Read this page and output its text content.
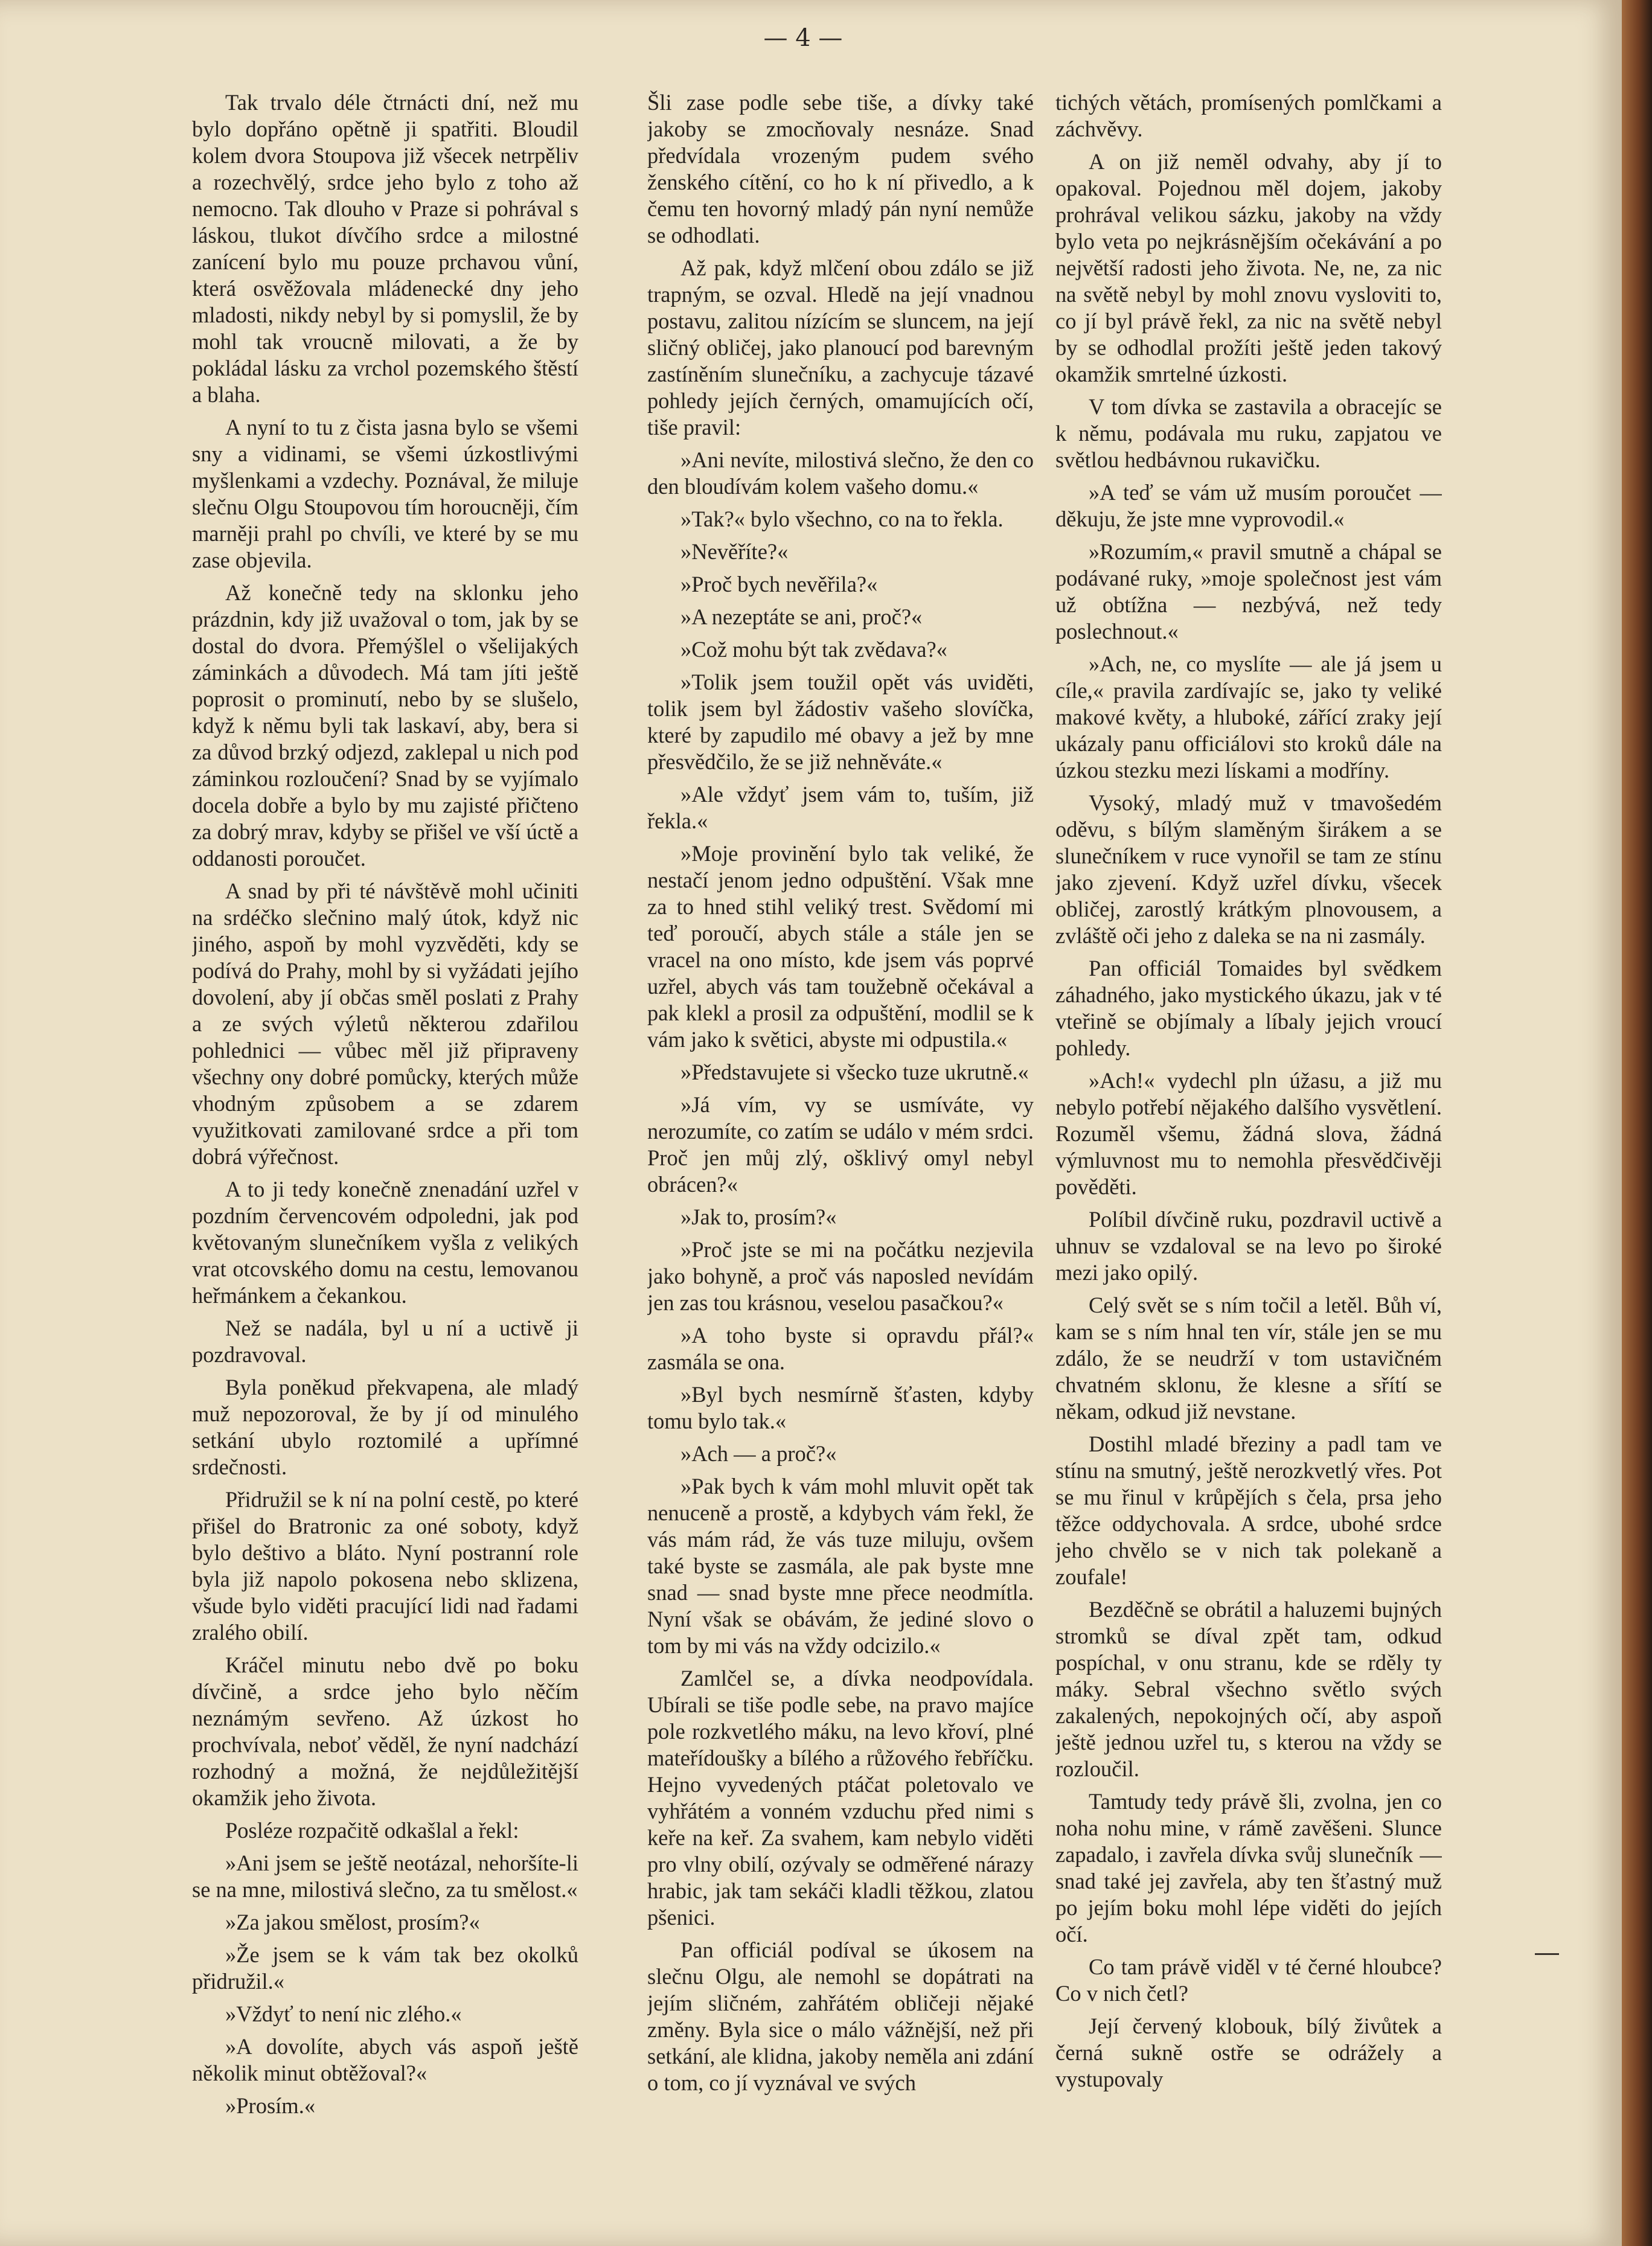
— 4 —

Tak trvalo déle čtrnácti dní, než mu bylo dopřáno opětně ji spatřiti. Bloudil kolem dvora Stoupova již všecek netrpěliv a rozechvělý, srdce jeho bylo z toho až nemocno. Tak dlouho v Praze si pohrával s láskou, tlukot dívčího srdce a milostné zanícení bylo mu pouze prchavou vůní, která osvěžovala mládenecké dny jeho mladosti, nikdy nebyl by si pomyslil, že by mohl tak vroucně milovati, a že by pokládal lásku za vrchol pozemského štěstí a blaha.

A nyní to tu z čista jasna bylo se všemi sny a vidinami, se všemi úzkostlivými myšlenkami a vzdechy. Poznával, že miluje slečnu Olgu Stoupovou tím horoucněji, čím marněji prahl po chvíli, ve které by se mu zase objevila.

Až konečně tedy na sklonku jeho prázdnin, kdy již uvažoval o tom, jak by se dostal do dvora. Přemýšlel o všelijakých záminkách a důvodech. Má tam jíti ještě poprosit o prominutí, nebo by se slušelo, když k němu byli tak laskaví, aby, bera si za důvod brzký odjezd, zaklepal u nich pod záminkou rozloučení? Snad by se vyjímalo docela dobře a bylo by mu zajisté přičteno za dobrý mrav, kdyby se přišel ve vší úctě a oddanosti poroučet.

A snad by při té návštěvě mohl učiniti na srdéčko slečnino malý útok, když nic jiného, aspoň by mohl vyzvěděti, kdy se podívá do Prahy, mohl by si vyžádati jejího dovolení, aby jí občas směl poslati z Prahy a ze svých výletů některou zdařilou pohlednici — vůbec měl již připraveny všechny ony dobré pomůcky, kterých může vhodným způsobem a se zdarem využitkovati zamilované srdce a při tom dobrá výřečnost.

A to ji tedy konečně znenadání uzřel v pozdním červencovém odpoledni, jak pod květovaným slunečníkem vyšla z velikých vrat otcovského domu na cestu, lemovanou heřmánkem a čekankou.

Než se nadála, byl u ní a uctivě ji pozdravoval.

Byla poněkud překvapena, ale mladý muž nepozoroval, že by jí od minulého setkání ubylo roztomilé a upřímné srdečnosti.

Přidružil se k ní na polní cestě, po které přišel do Bratronic za oné soboty, když bylo deštivo a bláto. Nyní postranní role byla již napolo pokosena nebo sklizena, všude bylo viděti pracující lidi nad řadami zralého obilí.

Kráčel minutu nebo dvě po boku dívčině, a srdce jeho bylo něčím neznámým sevřeno. Až úzkost ho prochvívala, neboť věděl, že nyní nadchází rozhodný a možná, že nejdůležitější okamžik jeho života.

Posléze rozpačitě odkašlal a řekl:

»Ani jsem se ještě neotázal, nehoršíte-li se na mne, milostivá slečno, za tu smělost.«

»Za jakou smělost, prosím?«

»Že jsem se k vám tak bez okolků přidružil.«

»Vždyť to není nic zlého.«

»A dovolíte, abych vás aspoň ještě několik minut obtěžoval?«

»Prosím.«

Šli zase podle sebe tiše, a dívky také jakoby se zmocňovaly nesnáze. Snad předvídala vrozeným pudem svého ženského cítění, co ho k ní přivedlo, a k čemu ten hovorný mladý pán nyní nemůže se odhodlati.

Až pak, když mlčení obou zdálo se již trapným, se ozval. Hledě na její vnadnou postavu, zalitou nízícím se sluncem, na její sličný obličej, jako planoucí pod barevným zastíněním slunečníku, a zachycuje tázavé pohledy jejích černých, omamujících očí, tiše pravil:

»Ani nevíte, milostivá slečno, že den co den bloudívám kolem vašeho domu.«

»Tak?« bylo všechno, co na to řekla.

»Nevěříte?«

»Proč bych nevěřila?«

»A nezeptáte se ani, proč?«

»Což mohu být tak zvědava?«

»Tolik jsem toužil opět vás uviděti, tolik jsem byl žádostiv vašeho slovíčka, které by zapudilo mé obavy a jež by mne přesvědčilo, že se již nehněváte.«

»Ale vždyť jsem vám to, tuším, již řekla.«

»Moje provinění bylo tak veliké, že nestačí jenom jedno odpuštění. Však mne za to hned stihl veliký trest. Svědomí mi teď poroučí, abych stále a stále jen se vracel na ono místo, kde jsem vás poprvé uzřel, abych vás tam toužebně očekával a pak klekl a prosil za odpuštění, modlil se k vám jako k světici, abyste mi odpustila.«

»Představujete si všecko tuze ukrutně.«

»Já vím, vy se usmíváte, vy nerozumíte, co zatím se událo v mém srdci. Proč jen můj zlý, ošklivý omyl nebyl obrácen?«

»Jak to, prosím?«

»Proč jste se mi na počátku nezjevila jako bohyně, a proč vás naposled nevídám jen zas tou krásnou, veselou pasačkou?«

»A toho byste si opravdu přál?« zasmála se ona.

»Byl bych nesmírně šťasten, kdyby tomu bylo tak.«

»Ach — a proč?«

»Pak bych k vám mohl mluvit opět tak nenuceně a prostě, a kdybych vám řekl, že vás mám rád, že vás tuze miluju, ovšem také byste se zasmála, ale pak byste mne snad — snad byste mne přece neodmítla. Nyní však se obávám, že jediné slovo o tom by mi vás na vždy odcizilo.«

Zamlčel se, a dívka neodpovídala. Ubírali se tiše podle sebe, na pravo majíce pole rozkvetlého máku, na levo křoví, plné mateřídoušky a bílého a růžového řebříčku. Hejno vyvedených ptáčat poletovalo ve vyhřátém a vonném vzduchu před nimi s keře na keř. Za svahem, kam nebylo viděti pro vlny obilí, ozývaly se odměřené nárazy hrabic, jak tam sekáči kladli těžkou, zlatou pšenici.

Pan officiál podíval se úkosem na slečnu Olgu, ale nemohl se dopátrati na jejím sličném, zahřátém obličeji nějaké změny. Byla sice o málo vážnější, než při setkání, ale klidna, jakoby neměla ani zdání o tom, co jí vyznával ve svých

tichých větách, promísených pomlčkami a záchvěvy.

A on již neměl odvahy, aby jí to opakoval. Pojednou měl dojem, jakoby prohrával velikou sázku, jakoby na vždy bylo veta po nejkrásnějším očekávání a po největší radosti jeho života. Ne, ne, za nic na světě nebyl by mohl znovu vysloviti to, co jí byl právě řekl, za nic na světě nebyl by se odhodlal prožíti ještě jeden takový okamžik smrtelné úzkosti.

V tom dívka se zastavila a obracejíc se k němu, podávala mu ruku, zapjatou ve světlou hedbávnou rukavičku.

»A teď se vám už musím poroučet — děkuju, že jste mne vyprovodil.«

»Rozumím,« pravil smutně a chápal se podávané ruky, »moje společnost jest vám už obtížna — nezbývá, než tedy poslechnout.«

»Ach, ne, co myslíte — ale já jsem u cíle,« pravila zardívajíc se, jako ty veliké makové květy, a hluboké, zářící zraky její ukázaly panu officiálovi sto kroků dále na úzkou stezku mezi lískami a modříny.

Vysoký, mladý muž v tmavošedém oděvu, s bílým slaměným širákem a se slunečníkem v ruce vynořil se tam ze stínu jako zjevení. Když uzřel dívku, všecek obličej, zarostlý krátkým plnovousem, a zvláště oči jeho z daleka se na ni zasmály.

Pan officiál Tomaides byl svědkem záhadného, jako mystického úkazu, jak v té vteřině se objímaly a líbaly jejich vroucí pohledy.

»Ach!« vydechl pln úžasu, a již mu nebylo potřebí nějakého dalšího vysvětlení. Rozuměl všemu, žádná slova, žádná výmluvnost mu to nemohla přesvědčivěji pověděti.

Políbil dívčině ruku, pozdravil uctivě a uhnuv se vzdaloval se na levo po široké mezi jako opilý.

Celý svět se s ním točil a letěl. Bůh ví, kam se s ním hnal ten vír, stále jen se mu zdálo, že se neudrží v tom ustavičném chvatném sklonu, že klesne a sřítí se někam, odkud již nevstane.

Dostihl mladé březiny a padl tam ve stínu na smutný, ještě nerozkvetlý vřes. Pot se mu řinul v krůpějích s čela, prsa jeho těžce oddychovala. A srdce, ubohé srdce jeho chvělo se v nich tak polekaně a zoufale!

Bezděčně se obrátil a haluzemi bujných stromků se díval zpět tam, odkud pospíchal, v onu stranu, kde se rděly ty máky. Sebral všechno světlo svých zakalených, nepokojných očí, aby aspoň ještě jednou uzřel tu, s kterou na vždy se rozloučil.

Tamtudy tedy právě šli, zvolna, jen co noha nohu mine, v rámě zavěšeni. Slunce zapadalo, i zavřela dívka svůj slunečník — snad také jej zavřela, aby ten šťastný muž po jejím boku mohl lépe viděti do jejích očí.

Co tam právě viděl v té černé hloubce? Co v nich četl?

Její červený klobouk, bílý živůtek a černá sukně ostře se odrážely a vystupovaly
